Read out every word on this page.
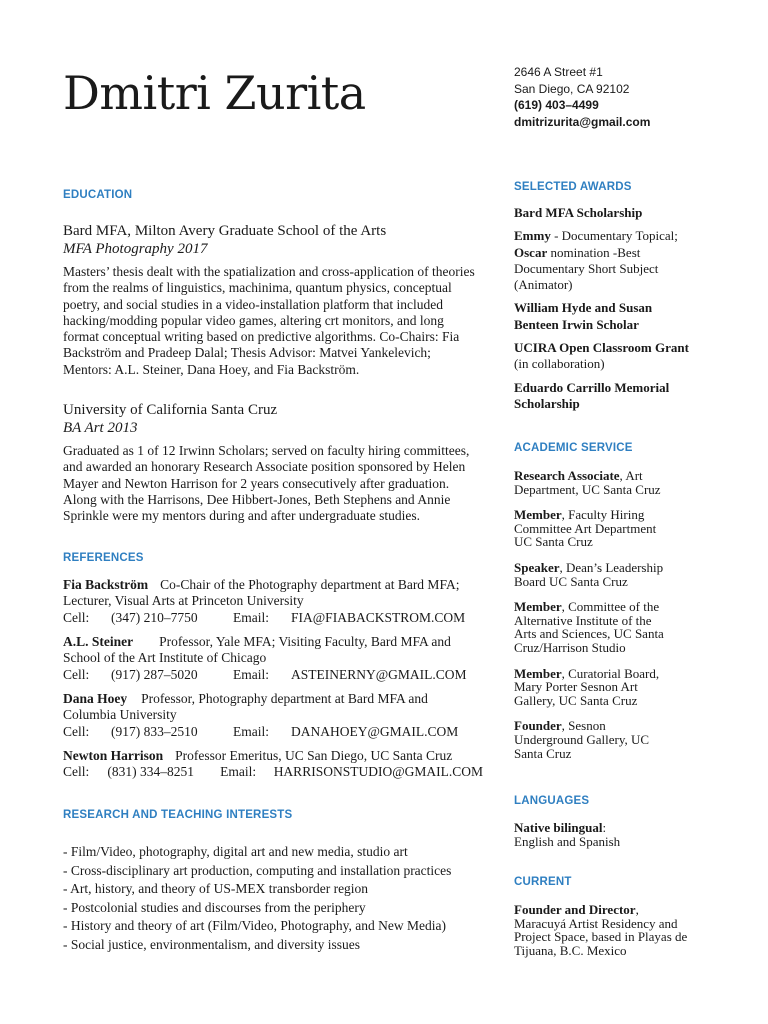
Dmitri Zurita	2646 A Street #1
San Diego, CA 92102
(619) 403–4499
dmitrizurita@gmail.com
EDUCATION
Bard MFA, Milton Avery Graduate School of the Arts
MFA Photography 2017
Masters’ thesis dealt with the spatialization and cross-application of theories from the realms of linguistics, machinima, quantum physics, conceptual poetry, and social studies in a video-installation platform that included hacking/modding popular video games, altering crt monitors, and long format conceptual writing based on predictive algorithms. Co-Chairs: Fia Backström and Pradeep Dalal; Thesis Advisor: Matvei Yankelevich; Mentors: A.L. Steiner, Dana Hoey, and Fia Backström.
University of California Santa Cruz
BA Art 2013
Graduated as 1 of 12 Irwinn Scholars; served on faculty hiring committees, and awarded an honorary Research Associate position sponsored by Helen Mayer and Newton Harrison for 2 years consecutively after graduation. Along with the Harrisons, Dee Hibbert-Jones, Beth Stephens and Annie Sprinkle were my mentors during and after undergraduate studies.
REFERENCES
Fia Backström Co-Chair of the Photography department at Bard MFA; Lecturer, Visual Arts at Princeton University
Cell:	(347) 210–7750	Email:	FIA@FIABACKSTROM.COM
A.L. Steiner Professor, Yale MFA; Visiting Faculty, Bard MFA and School of the Art Institute of Chicago
Cell:	(917) 287–5020	Email:	ASTEINERNY@GMAIL.COM
Dana Hoey Professor, Photography department at Bard MFA and Columbia University
Cell:	(917) 833–2510	Email:	DANAHOEY@GMAIL.COM
Newton Harrison Professor Emeritus, UC San Diego, UC Santa Cruz
Cell:	(831) 334–8251	Email:	HARRISONSTUDIO@GMAIL.COM
RESEARCH AND TEACHING INTERESTS
- Film/Video, photography, digital art and new media, studio art
- Cross-disciplinary art production, computing and installation practices
- Art, history, and theory of US-MEX transborder region
- Postcolonial studies and discourses from the periphery
- History and theory of art (Film/Video, Photography, and New Media)
- Social justice, environmentalism, and diversity issues
SELECTED AWARDS
Bard MFA Scholarship
Emmy - Documentary Topical; Oscar nomination -Best Documentary Short Subject (Animator)
William Hyde and Susan Benteen Irwin Scholar
UCIRA Open Classroom Grant (in collaboration)
Eduardo Carrillo Memorial Scholarship
ACADEMIC SERVICE
Research Associate, Art Department, UC Santa Cruz
Member, Faculty Hiring Committee Art Department UC Santa Cruz
Speaker, Dean’s Leadership Board UC Santa Cruz
Member, Committee of the Alternative Institute of the Arts and Sciences, UC Santa Cruz/Harrison Studio
Member, Curatorial Board, Mary Porter Sesnon Art Gallery, UC Santa Cruz
Founder, Sesnon Underground Gallery, UC Santa Cruz
LANGUAGES
Native bilingual:
English and Spanish
CURRENT
Founder and Director,
Maracuyá Artist Residency and Project Space, based in Playas de Tijuana, B.C. Mexico
